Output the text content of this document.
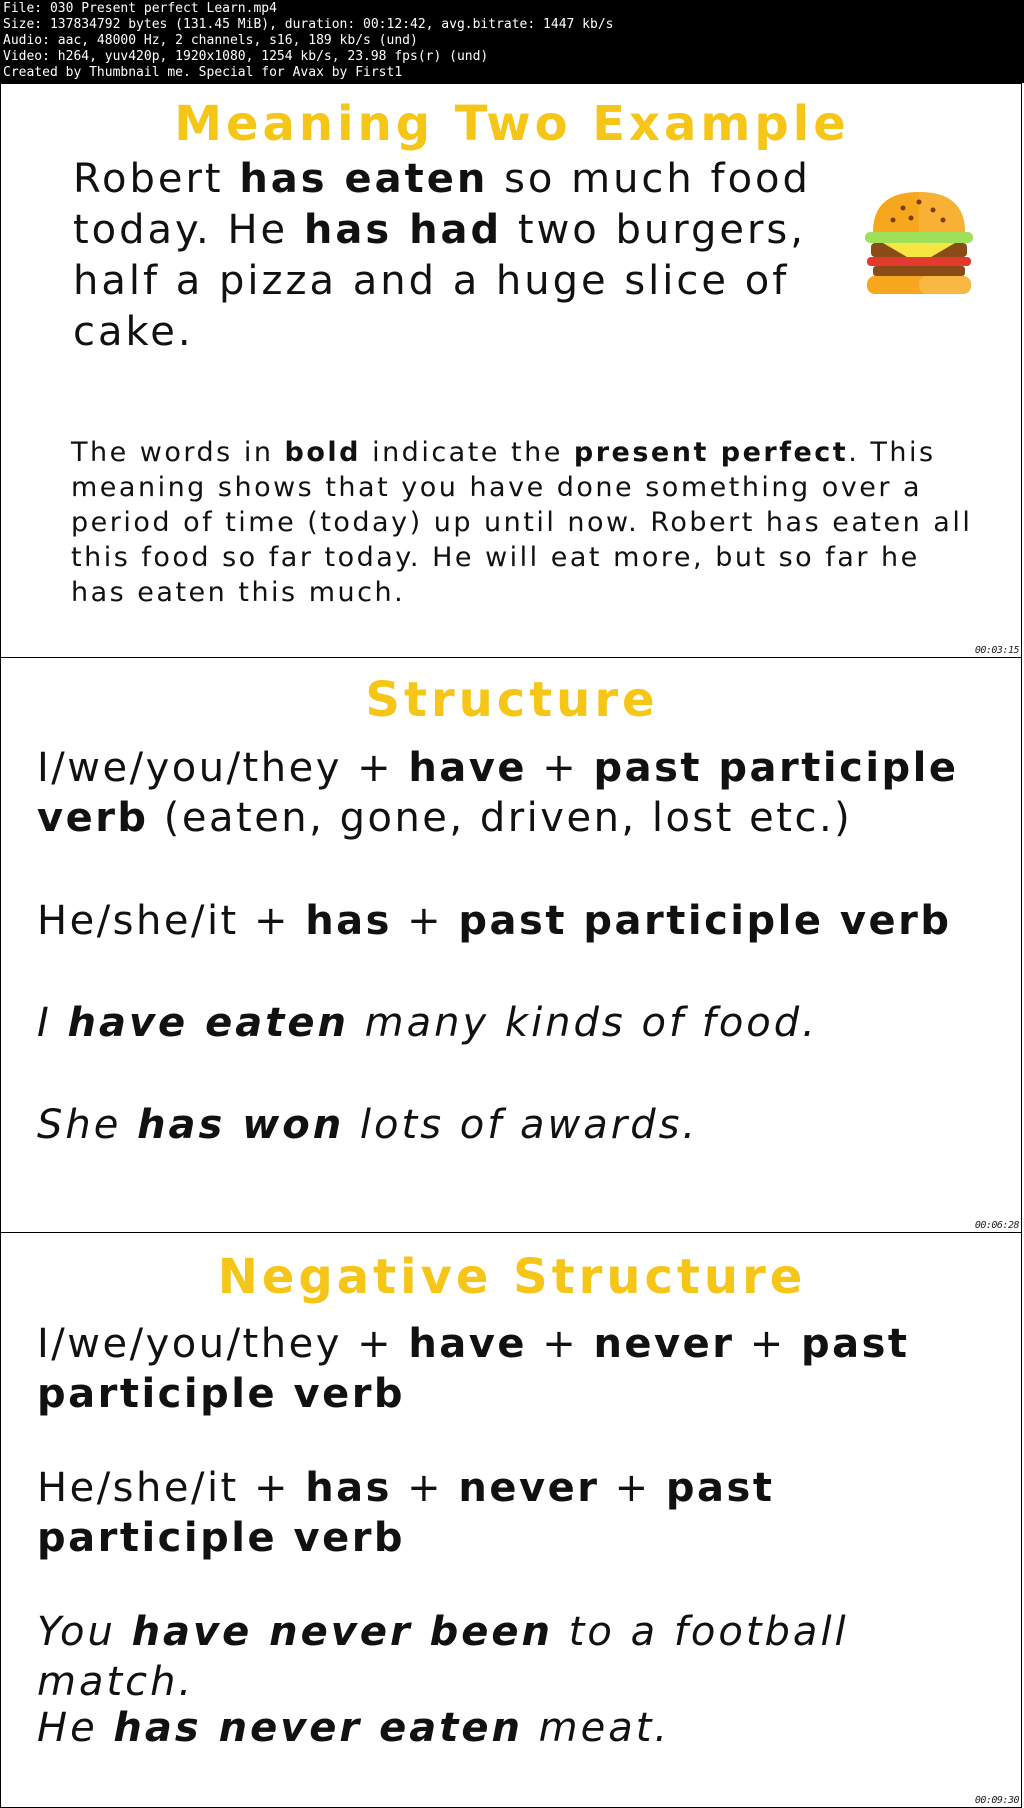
File: 030 Present perfect Learn.mp4
Size: 137834792 bytes (131.45 MiB), duration: 00:12:42, avg.bitrate: 1447 kb/s
Audio: aac, 48000 Hz, 2 channels, s16, 189 kb/s (und)
Video: h264, yuv420p, 1920x1080, 1254 kb/s, 23.98 fps(r) (und)
Created by Thumbnail me. Special for Avax by First1
Meaning Two Example

Robert has eaten so much food today. He has had two burgers, half a pizza and a huge slice of cake.

The words in bold indicate the present perfect. This meaning shows that you have done something over a period of time (today) up until now. Robert has eaten all this food so far today. He will eat more, but so far he has eaten this much.

00:03:15
Structure

I/we/you/they + have + past participle verb (eaten, gone, driven, lost etc.)

He/she/it + has + past participle verb

I have eaten many kinds of food.

She has won lots of awards.

00:06:28
Negative Structure

I/we/you/they + have + never + past participle verb

He/she/it + has + never + past participle verb

You have never been to a football match.

He has never eaten meat.

00:09:30
